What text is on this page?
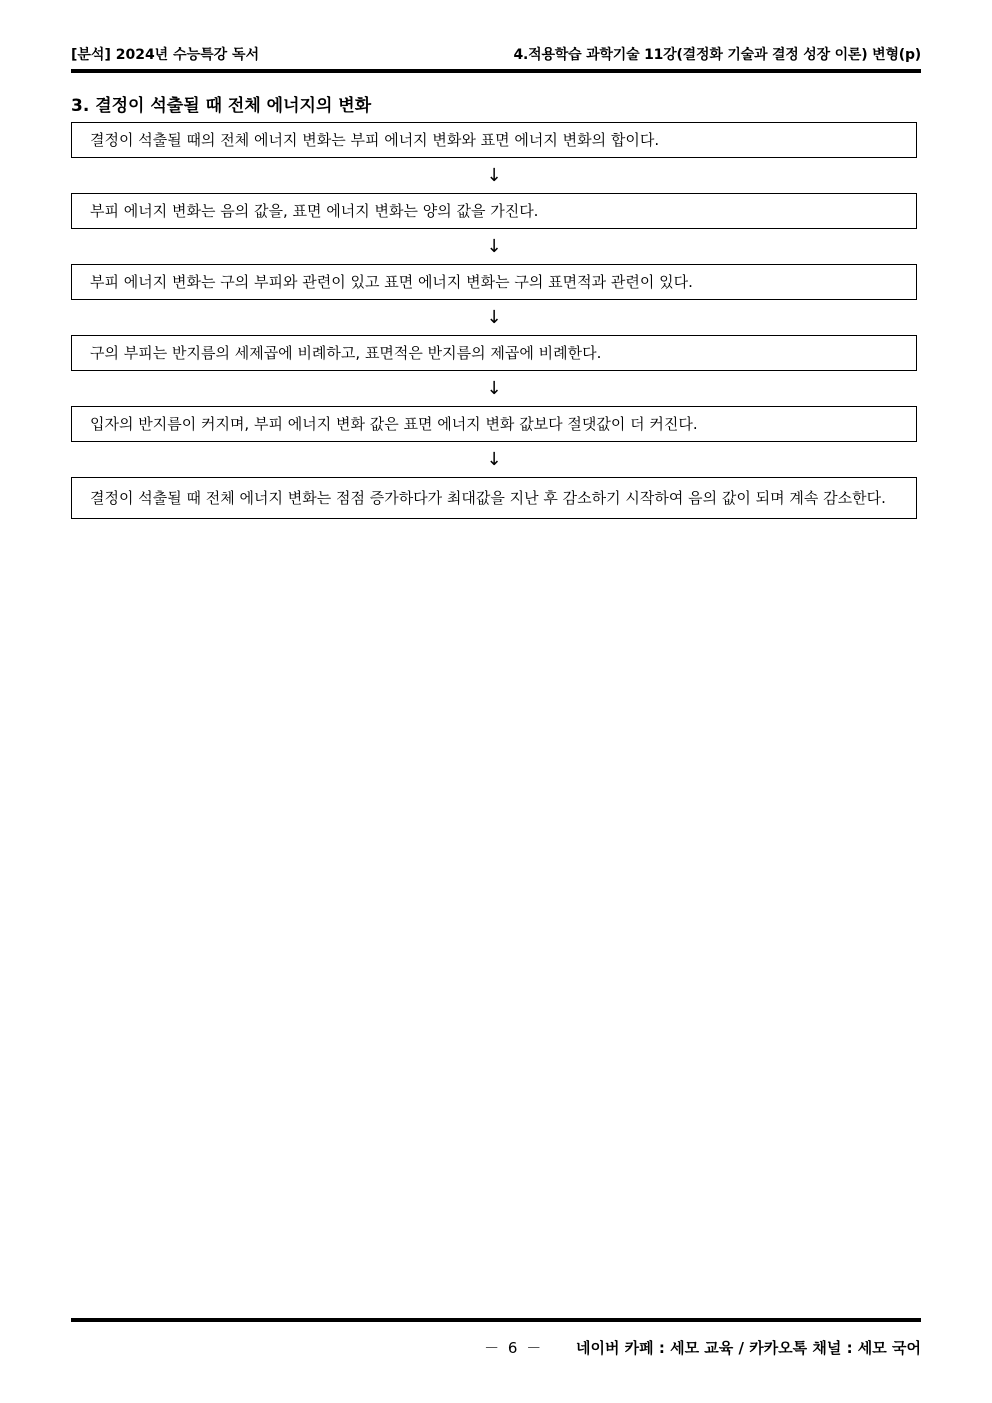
[분석] 2024년 수능특강 독서	4.적용학습 과학기술 11강(결정화 기술과 결정 성장 이론) 변형(p)
3. 결정이 석출될 때 전체 에너지의 변화
결정이 석출될 때의 전체 에너지 변화는 부피 에너지 변화와 표면 에너지 변화의 합이다.
↓
부피 에너지 변화는 음의 값을, 표면 에너지 변화는 양의 값을 가진다.
↓
부피 에너지 변화는 구의 부피와 관련이 있고 표면 에너지 변화는 구의 표면적과 관련이 있다.
↓
구의 부피는 반지름의 세제곱에 비례하고, 표면적은 반지름의 제곱에 비례한다.
↓
입자의 반지름이 커지며, 부피 에너지 변화 값은 표면 에너지 변화 값보다 절댓값이 더 커진다.
↓
결정이 석출될 때 전체 에너지 변화는 점점 증가하다가 최대값을 지난 후 감소하기 시작하여 음의 값이 되며 계속 감소한다.
－ 6 － 네이버 카페 : 세모 교육 / 카카오톡 채널 : 세모 국어
